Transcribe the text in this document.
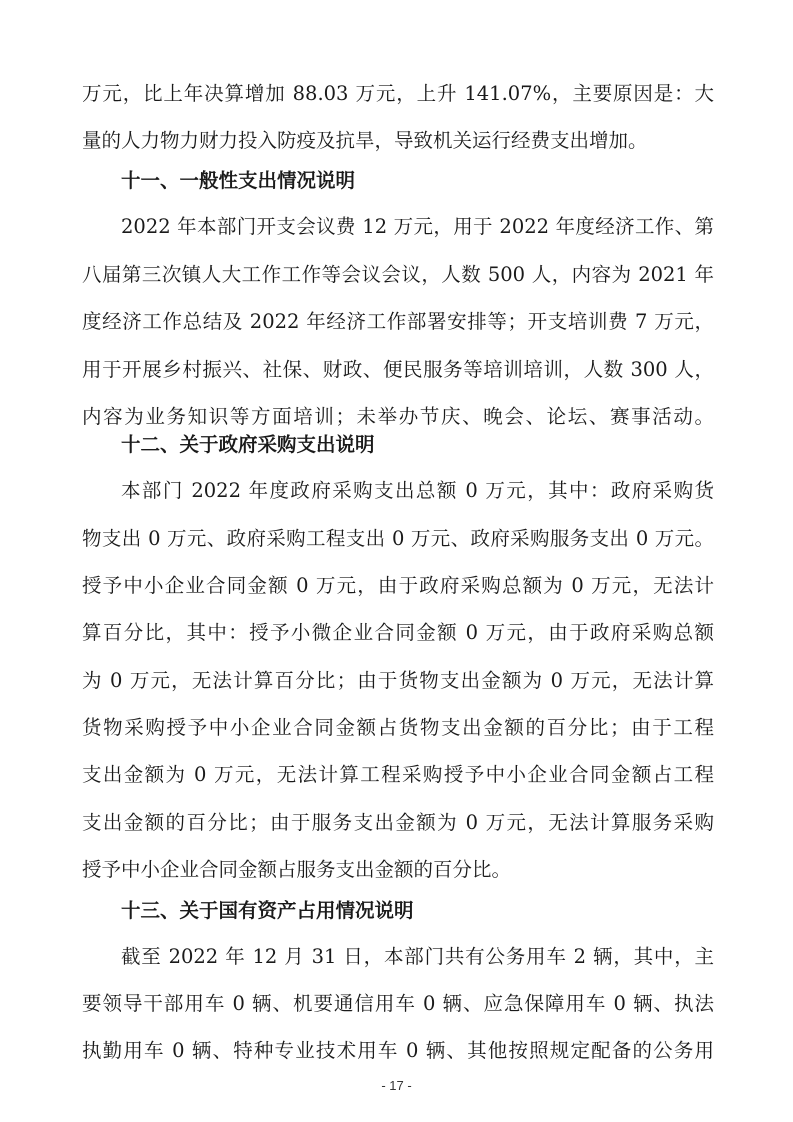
万元，比上年决算增加 88.03 万元，上升 141.07%，主要原因是：大
量的人力物力财力投入防疫及抗旱，导致机关运行经费支出增加。
十一、一般性支出情况说明
2022 年本部门开支会议费 12 万元，用于 2022 年度经济工作、第
八届第三次镇人大工作工作等会议会议，人数 500 人，内容为 2021 年
度经济工作总结及 2022 年经济工作部署安排等；开支培训费 7 万元，
用于开展乡村振兴、社保、财政、便民服务等培训培训，人数 300 人，
内容为业务知识等方面培训；未举办节庆、晚会、论坛、赛事活动。
十二、关于政府采购支出说明
本部门 2022 年度政府采购支出总额 0 万元，其中：政府采购货
物支出 0 万元、政府采购工程支出 0 万元、政府采购服务支出 0 万元。
授予中小企业合同金额 0 万元，由于政府采购总额为 0 万元，无法计
算百分比，其中：授予小微企业合同金额 0 万元，由于政府采购总额
为 0 万元，无法计算百分比；由于货物支出金额为 0 万元，无法计算
货物采购授予中小企业合同金额占货物支出金额的百分比；由于工程
支出金额为 0 万元，无法计算工程采购授予中小企业合同金额占工程
支出金额的百分比；由于服务支出金额为 0 万元，无法计算服务采购
授予中小企业合同金额占服务支出金额的百分比。
十三、关于国有资产占用情况说明
截至 2022 年 12 月 31 日，本部门共有公务用车 2 辆，其中，主
要领导干部用车 0 辆、机要通信用车 0 辆、应急保障用车 0 辆、执法
执勤用车 0 辆、特种专业技术用车 0 辆、其他按照规定配备的公务用
- 17 -
